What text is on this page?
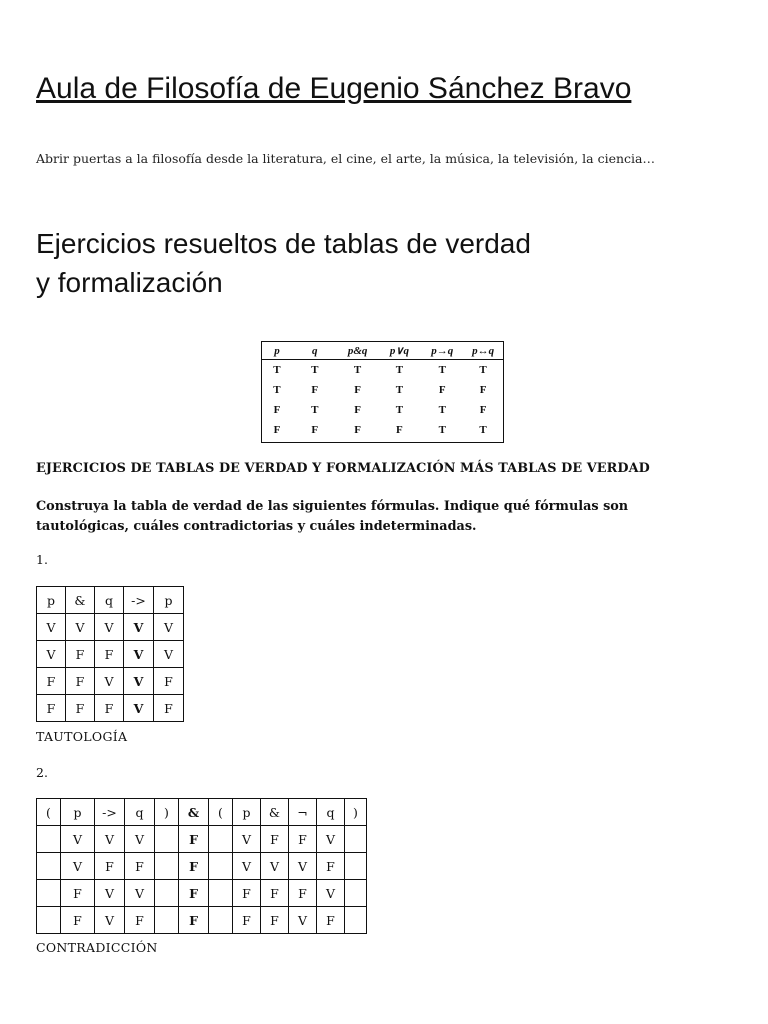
Aula de Filosofía de Eugenio Sánchez Bravo
Abrir puertas a la filosofía desde la literatura, el cine, el arte, la música, la televisión, la ciencia…
Ejercicios resueltos de tablas de verdad
y formalización
p	q	p&q	p∨q	p→q	p↔q
T	T	T	T	T	T
T	F	F	T	F	F
F	T	F	T	T	F
F	F	F	F	T	T
EJERCICIOS DE TABLAS DE VERDAD Y FORMALIZACIÓN MÁS TABLAS DE VERDAD
Construya la tabla de verdad de las siguientes fórmulas. Indique qué fórmulas son
tautológicas, cuáles contradictorias y cuáles indeterminadas.
1.
p	&	q	->	p
V	V	V	V	V
V	F	F	V	V
F	F	V	V	F
F	F	F	V	F
TAUTOLOGÍA
2.
(	p	->	q	)	&	(	p	&	¬	q	)
	V	V	V		F		V	F	F	V	
	V	F	F		F		V	V	V	F	
	F	V	V		F		F	F	F	V	
	F	V	F		F		F	F	V	F	
CONTRADICCIÓN
